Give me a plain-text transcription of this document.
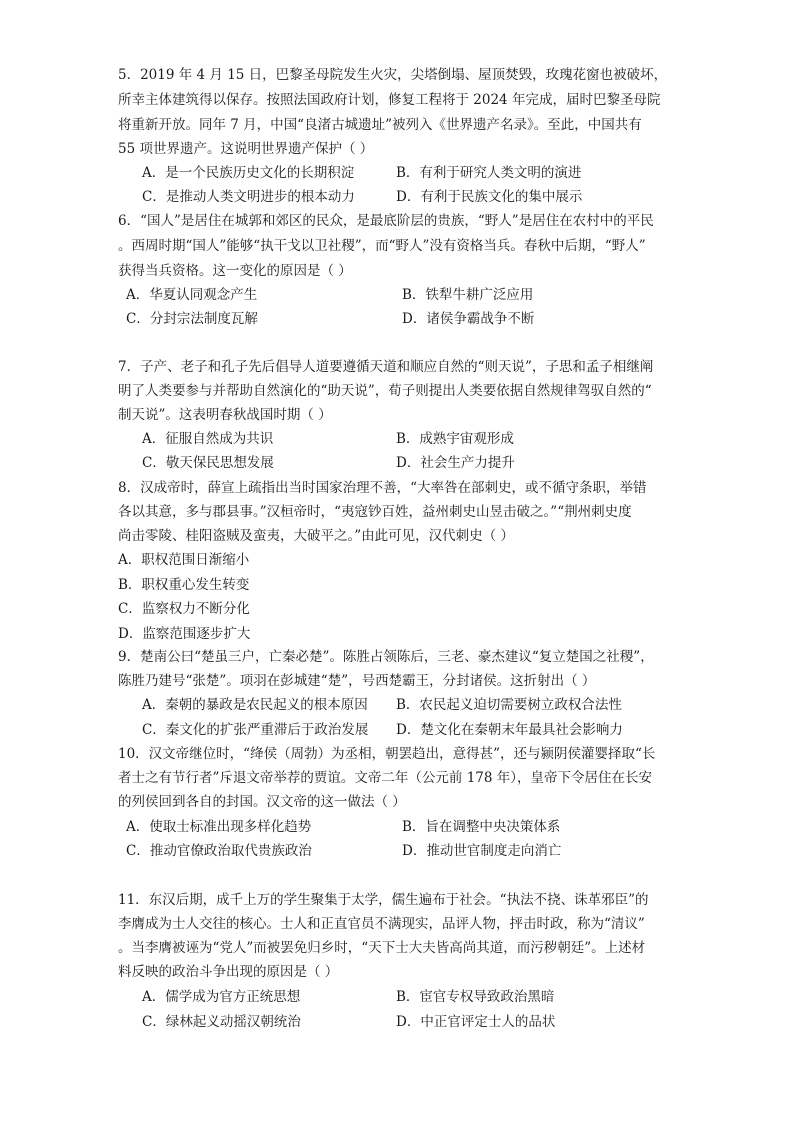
5．2019 年 4 月 15 日，巴黎圣母院发生火灾，尖塔倒塌、屋顶焚毁，玫瑰花窗也被破坏，
所幸主体建筑得以保存。按照法国政府计划，修复工程将于 2024 年完成，届时巴黎圣母院
将重新开放。同年 7 月，中国“良渚古城遗址”被列入《世界遗产名录》。至此，中国共有
55 项世界遗产。这说明世界遗产保护（ ）
A．是一个民族历史文化的长期积淀	B．有利于研究人类文明的演进
C．是推动人类文明进步的根本动力	D．有利于民族文化的集中展示
6．“国人”是居住在城郭和郊区的民众，是最底阶层的贵族，“野人”是居住在农村中的平民
。西周时期“国人”能够“执干戈以卫社稷”，而“野人”没有资格当兵。春秋中后期，“野人”
获得当兵资格。这一变化的原因是（ ）
A．华夏认同观念产生	B．铁犁牛耕广泛应用
C．分封宗法制度瓦解	D．诸侯争霸战争不断
7．子产、老子和孔子先后倡导人道要遵循天道和顺应自然的“则天说”，子思和孟子相继阐
明了人类要参与并帮助自然演化的“助天说”，荀子则提出人类要依据自然规律驾驭自然的“
制天说”。这表明春秋战国时期（ ）
A．征服自然成为共识	B．成熟宇宙观形成
C．敬天保民思想发展	D．社会生产力提升
8．汉成帝时，薛宣上疏指出当时国家治理不善，“大率咎在部刺史，或不循守条职，举错
各以其意，多与郡县事。”汉桓帝时，“夷寇钞百姓，益州刺史山昱击破之。”“荆州刺史度
尚击零陵、桂阳盗贼及蛮夷，大破平之。”由此可见，汉代刺史（ ）
A．职权范围日渐缩小
B．职权重心发生转变
C．监察权力不断分化
D．监察范围逐步扩大
9．楚南公曰“楚虽三户，亡秦必楚”。陈胜占领陈后，三老、豪杰建议“复立楚国之社稷”，
陈胜乃建号“张楚”。项羽在彭城建“楚”，号西楚霸王，分封诸侯。这折射出（ ）
A．秦朝的暴政是农民起义的根本原因 B．农民起义迫切需要树立政权合法性
C．秦文化的扩张严重滞后于政治发展 D．楚文化在秦朝末年最具社会影响力
10．汉文帝继位时，“绛侯（周勃）为丞相，朝罢趋出，意得甚”，还与颍阴侯灌婴择取“长
者士之有节行者”斥退文帝举荐的贾谊。文帝二年（公元前 178 年），皇帝下令居住在长安
的列侯回到各自的封国。汉文帝的这一做法（ ）
A．使取士标准出现多样化趋势	B．旨在调整中央决策体系
C．推动官僚政治取代贵族政治	D．推动世官制度走向消亡
11．东汉后期，成千上万的学生聚集于太学，儒生遍布于社会。“执法不挠、诛革邪臣”的
李膺成为士人交往的核心。士人和正直官员不满现实，品评人物，抨击时政，称为“清议”
。当李膺被诬为“党人”而被罢免归乡时，“天下士大夫皆高尚其道，而污秽朝廷”。上述材
料反映的政治斗争出现的原因是（ ）
A．儒学成为官方正统思想	B．宦官专权导致政治黑暗
C．绿林起义动摇汉朝统治	D．中正官评定士人的品状
